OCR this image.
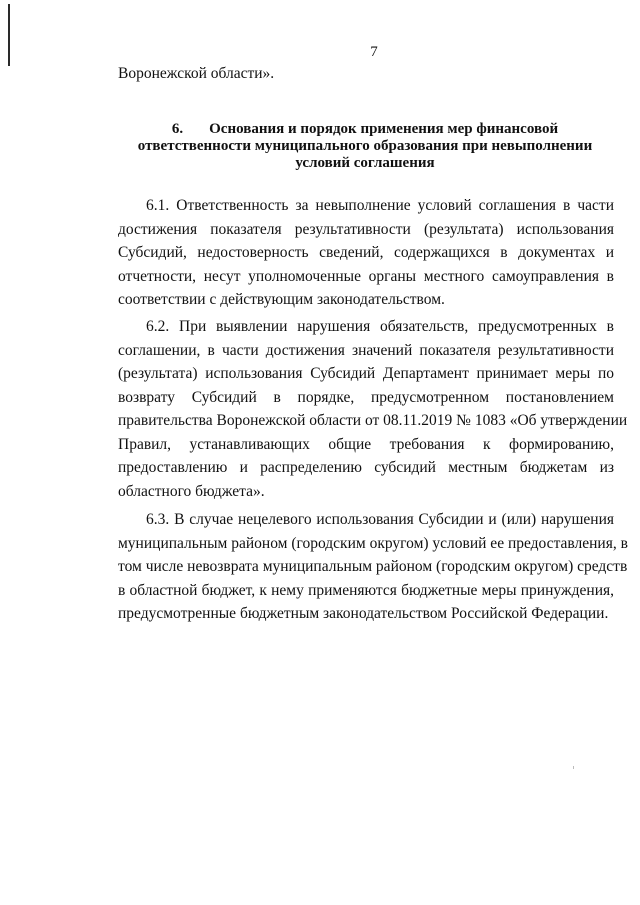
7
Воронежской области».
6. Основания и порядок применения мер финансовой
ответственности муниципального образования при невыполнении
условий соглашения
6.1. Ответственность за невыполнение условий соглашения в части
достижения показателя результативности (результата) использования
Субсидий, недостоверность сведений, содержащихся в документах и
отчетности, несут уполномоченные органы местного самоуправления в
соответствии с действующим законодательством.
6.2. При выявлении нарушения обязательств, предусмотренных в
соглашении, в части достижения значений показателя результативности
(результата) использования Субсидий Департамент принимает меры по
возврату Субсидий в порядке, предусмотренном постановлением
правительства Воронежской области от 08.11.2019 № 1083 «Об утверждении
Правил, устанавливающих общие требования к формированию,
предоставлению и распределению субсидий местным бюджетам из
областного бюджета».
6.3. В случае нецелевого использования Субсидии и (или) нарушения
муниципальным районом (городским округом) условий ее предоставления, в
том числе невозврата муниципальным районом (городским округом) средств
в областной бюджет, к нему применяются бюджетные меры принуждения,
предусмотренные бюджетным законодательством Российской Федерации.
